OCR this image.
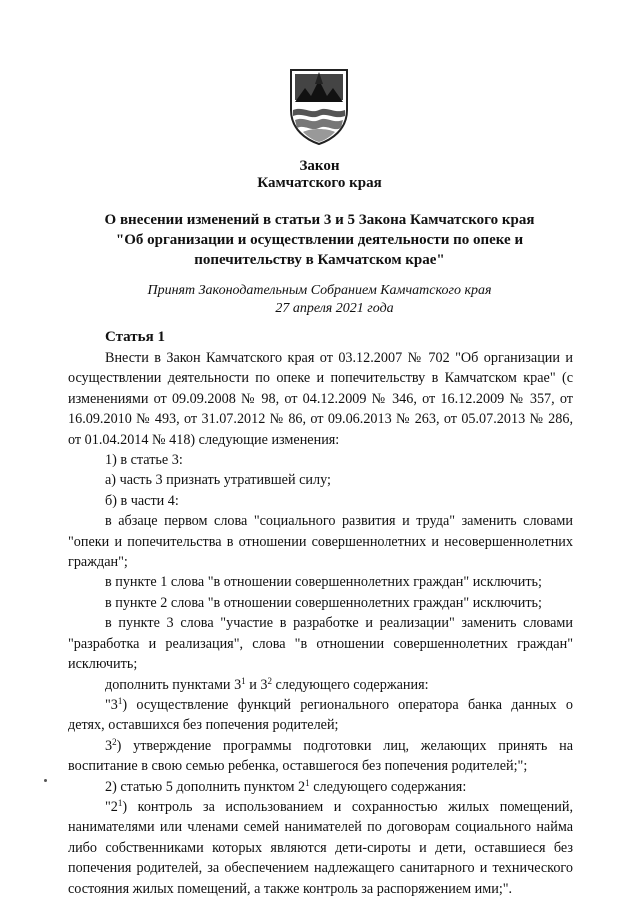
Закон
Камчатского края
О внесении изменений в статьи 3 и 5 Закона Камчатского края
"Об организации и осуществлении деятельности по опеке и
попечительству в Камчатском крае"
Принят Законодательным Собранием Камчатского края
27 апреля 2021 года
Статья 1

Внести в Закон Камчатского края от 03.12.2007 № 702 "Об организации и осуществлении деятельности по опеке и попечительству в Камчатском крае" (с изменениями от 09.09.2008 № 98, от 04.12.2009 № 346, от 16.12.2009 № 357, от 16.09.2010 № 493, от 31.07.2012 № 86, от 09.06.2013 № 263, от 05.07.2013 № 286, от 01.04.2014 № 418) следующие изменения:

1) в статье 3:

а) часть 3 признать утратившей силу;

б) в части 4:

в абзаце первом слова "социального развития и труда" заменить словами "опеки и попечительства в отношении совершеннолетних и несовершеннолетних граждан";

в пункте 1 слова "в отношении совершеннолетних граждан" исключить;

в пункте 2 слова "в отношении совершеннолетних граждан" исключить;

в пункте 3 слова "участие в разработке и реализации" заменить словами "разработка и реализация", слова "в отношении совершеннолетних граждан" исключить;

дополнить пунктами $3^1$ и $3^2$ следующего содержания:

"$3^1$) осуществление функций регионального оператора банка данных о детях, оставшихся без попечения родителей;

$3^2$) утверждение программы подготовки лиц, желающих принять на воспитание в свою семью ребенка, оставшегося без попечения родителей;";

2) статью 5 дополнить пунктом $2^1$ следующего содержания:

"$2^1$) контроль за использованием и сохранностью жилых помещений, нанимателями или членами семей нанимателей по договорам социального найма либо собственниками которых являются дети-сироты и дети, оставшиеся без попечения родителей, за обеспечением надлежащего санитарного и технического состояния жилых помещений, а также контроль за распоряжением ими;".
